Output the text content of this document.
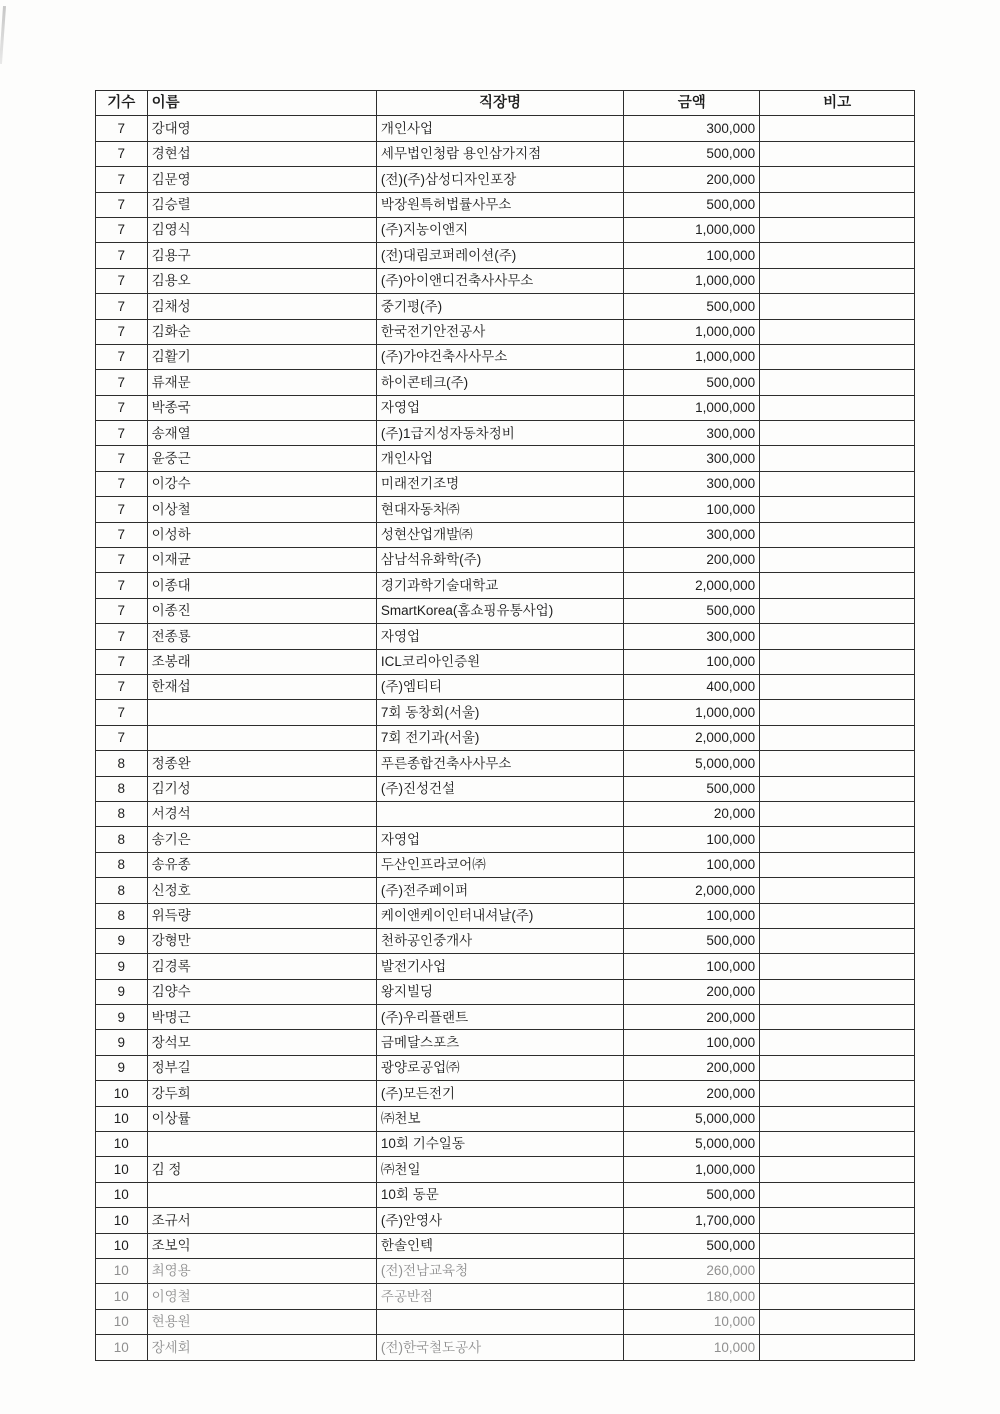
기수	이름	직장명	금액	비고
7	강대영	개인사업	300,000	
7	경현섭	세무법인청람 용인삼가지점	500,000	
7	김문영	(전)(주)삼성디자인포장	200,000	
7	김승렬	박장원특허법률사무소	500,000	
7	김영식	(주)지농이앤지	1,000,000	
7	김용구	(전)대림코퍼레이션(주)	100,000	
7	김용오	(주)아이앤디건축사사무소	1,000,000	
7	김채성	중기평(주)	500,000	
7	김화순	한국전기안전공사	1,000,000	
7	김활기	(주)가야건축사사무소	1,000,000	
7	류재문	하이콘테크(주)	500,000	
7	박종국	자영업	1,000,000	
7	송재열	(주)1급지성자동차정비	300,000	
7	윤중근	개인사업	300,000	
7	이강수	미래전기조명	300,000	
7	이상철	현대자동차㈜	100,000	
7	이성하	성현산업개발㈜	300,000	
7	이재균	삼남석유화학(주)	200,000	
7	이종대	경기과학기술대학교	2,000,000	
7	이종진	SmartKorea(홈쇼핑유통사업)	500,000	
7	전종룡	자영업	300,000	
7	조봉래	ICL코리아인증원	100,000	
7	한재섭	(주)엠티티	400,000	
7		7회 동창회(서울)	1,000,000	
7		7회 전기과(서울)	2,000,000	
8	정종완	푸른종합건축사사무소	5,000,000	
8	김기성	(주)진성건설	500,000	
8	서경석		20,000	
8	송기은	자영업	100,000	
8	송유종	두산인프라코어㈜	100,000	
8	신정호	(주)전주페이퍼	2,000,000	
8	위득량	케이앤케이인터내셔날(주)	100,000	
9	강형만	천하공인중개사	500,000	
9	김경록	발전기사업	100,000	
9	김양수	왕지빌딩	200,000	
9	박명근	(주)우리플랜트	200,000	
9	장석모	금메달스포츠	100,000	
9	정부길	광양로공업㈜	200,000	
10	강두희	(주)모든전기	200,000	
10	이상률	㈜천보	5,000,000	
10		10회 기수일동	5,000,000	
10	김 정	㈜천일	1,000,000	
10		10회 동문	500,000	
10	조규서	(주)안영사	1,700,000	
10	조보익	한솔인텍	500,000	
10	최영용	(전)전남교육청	260,000	
10	이영철	주공반점	180,000	
10	현용원		10,000	
10	장세회	(전)한국철도공사	10,000	
